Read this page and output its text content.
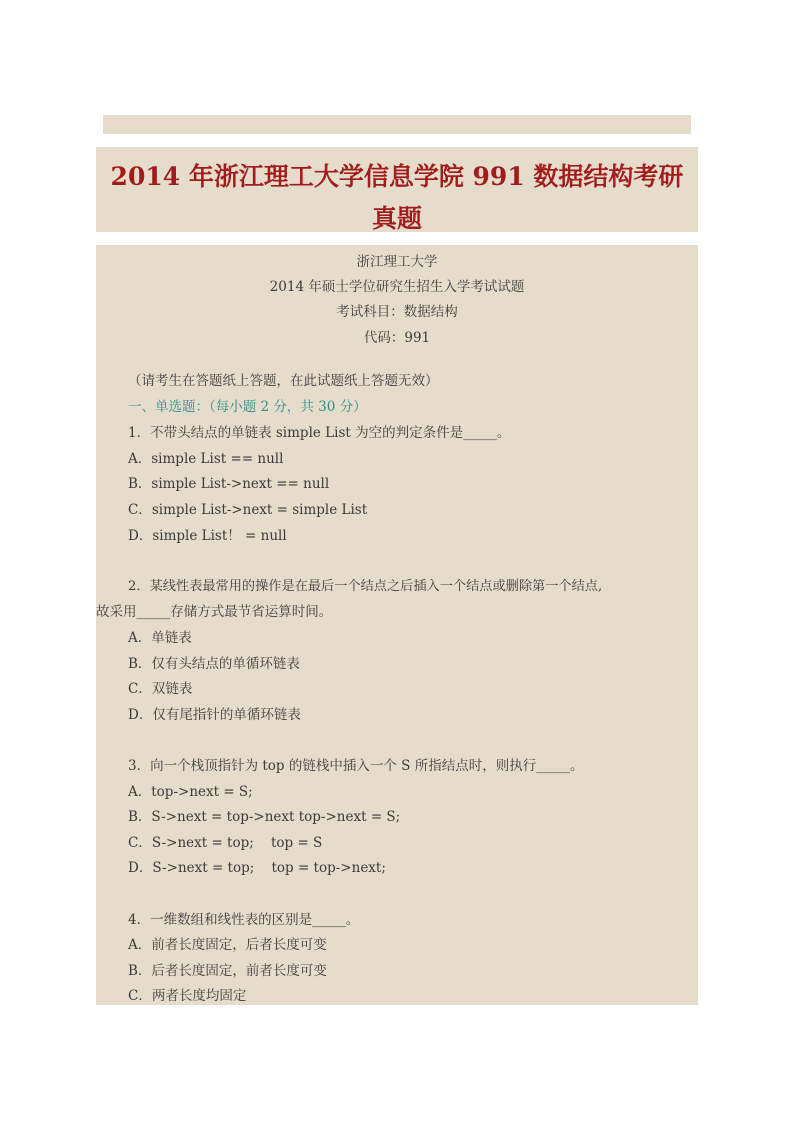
2014 年浙江理工大学信息学院 991 数据结构考研
真题
浙江理工大学
2014 年硕士学位研究生招生入学考试试题
考试科目：数据结构
代码：991
（请考生在答题纸上答题，在此试题纸上答题无效）
一、单选题：（每小题 2 分，共 30 分）
1．不带头结点的单链表 simple List 为空的判定条件是_____。
A．simple List == null
B．simple List->next == null
C．simple List->next = simple List
D．simple List！ = null
2．某线性表最常用的操作是在最后一个结点之后插入一个结点或删除第一个结点,
故采用_____存储方式最节省运算时间。
A．单链表
B．仅有头结点的单循环链表
C．双链表
D．仅有尾指针的单循环链表
3．向一个栈顶指针为 top 的链栈中插入一个 S 所指结点时，则执行_____。
A．top->next = S;
B．S->next = top->next top->next = S;
C．S->next = top;    top = S
D．S->next = top;    top = top->next;
4．一维数组和线性表的区别是_____。
A．前者长度固定，后者长度可变
B．后者长度固定，前者长度可变
C．两者长度均固定
